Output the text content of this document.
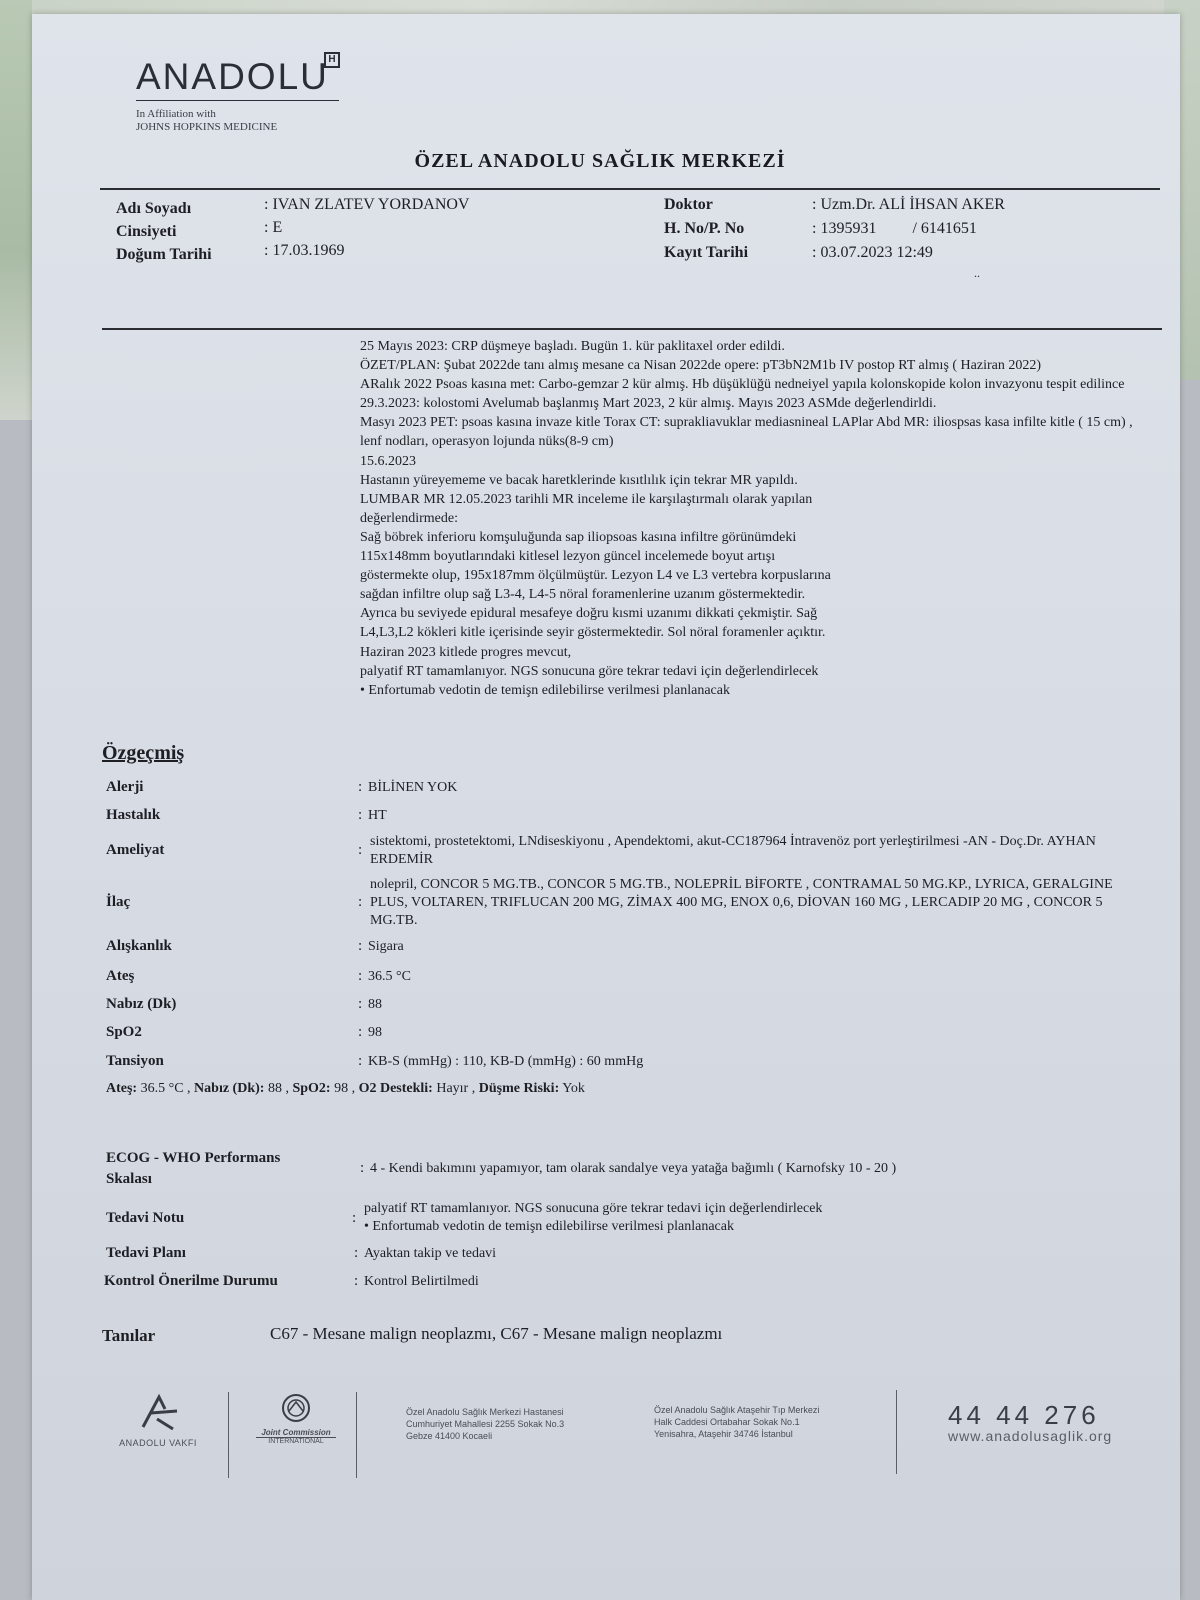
ANADOLU H
In Affiliation with
JOHNS HOPKINS MEDICINE
ÖZEL ANADOLU SAĞLIK MERKEZİ
Adı Soyadı	: IVAN ZLATEV YORDANOV
Cinsiyeti	: E
Doğum Tarihi	: 17.03.1969
Doktor	: Uzm.Dr. ALİ İHSAN AKER
H. No/P. No	: 1395931         / 6141651
Kayıt Tarihi	: 03.07.2023 12:49
..
25 Mayıs 2023: CRP düşmeye başladı. Bugün 1. kür paklitaxel order edildi.
ÖZET/PLAN: Şubat 2022de tanı almış mesane ca Nisan 2022de opere: pT3bN2M1b IV postop RT almış ( Haziran 2022)
ARalık 2022 Psoas kasına met: Carbo-gemzar 2 kür almış. Hb düşüklüğü nedneiyel yapıla kolonskopide kolon invazyonu tespit edilince 29.3.2023: kolostomi Avelumab başlanmış Mart 2023, 2 kür almış. Mayıs 2023 ASMde değerlendirldi.
Masyı 2023 PET: psoas kasına invaze kitle Torax CT: suprakliavuklar mediasnineal LAPlar Abd MR: iliospsas kasa infilte kitle ( 15 cm) , lenf nodları, operasyon lojunda nüks(8-9 cm)
15.6.2023
Hastanın yüreyememe ve bacak haretklerinde kısıtlılık için tekrar MR yapıldı.
LUMBAR MR 12.05.2023 tarihli MR inceleme ile karşılaştırmalı olarak yapılan
değerlendirmede:
Sağ böbrek inferioru komşuluğunda sap iliopsoas kasına infiltre görünümdeki
115x148mm boyutlarındaki kitlesel lezyon güncel incelemede boyut artışı
göstermekte olup, 195x187mm ölçülmüştür. Lezyon L4 ve L3 vertebra korpuslarına
sağdan infiltre olup sağ L3-4, L4-5 nöral foramenlerine uzanım göstermektedir.
Ayrıca bu seviyede epidural mesafeye doğru kısmi uzanımı dikkati çekmiştir. Sağ
L4,L3,L2 kökleri kitle içerisinde seyir göstermektedir. Sol nöral foramenler açıktır.
Haziran 2023 kitlede progres mevcut,
palyatif RT tamamlanıyor. NGS sonucuna göre tekrar tedavi için değerlendirlecek
• Enfortumab vedotin de temişn edilebilirse verilmesi planlanacak
Özgeçmiş
Alerji	: BİLİNEN YOK
Hastalık	: HT
Ameliyat	:
sistektomi, prostetektomi, LNdiseskiyonu , Apendektomi, akut-CC187964 İntravenöz port yerleştirilmesi -AN - Doç.Dr. AYHAN ERDEMİR
İlaç	:
nolepril, CONCOR 5 MG.TB., CONCOR 5 MG.TB., NOLEPRİL BİFORTE , CONTRAMAL 50 MG.KP., LYRICA, GERALGINE PLUS, VOLTAREN, TRIFLUCAN 200 MG, ZİMAX 400 MG, ENOX 0,6, DİOVAN 160 MG , LERCADIP 20 MG , CONCOR 5 MG.TB.
Alışkanlık	: Sigara
Ateş	: 36.5 °C
Nabız (Dk)	: 88
SpO2	: 98
Tansiyon	: KB-S (mmHg) : 110, KB-D (mmHg) : 60 mmHg
Ateş: 36.5 °C , Nabız (Dk): 88 , SpO2: 98 , O2 Destekli: Hayır , Düşme Riski: Yok
ECOG - WHO Performans
Skalası
: 4 - Kendi bakımını yapamıyor, tam olarak sandalye veya yatağa bağımlı ( Karnofsky 10 - 20 )
Tedavi Notu	:
palyatif RT tamamlanıyor. NGS sonucuna göre tekrar tedavi için değerlendirlecek
• Enfortumab vedotin de temişn edilebilirse verilmesi planlanacak
Tedavi Planı	: Ayaktan takip ve tedavi
Kontrol Önerilme Durumu	: Kontrol Belirtilmedi
Tanılar	C67 - Mesane malign neoplazmı, C67 - Mesane malign neoplazmı
ANADOLU VAKFI
Joint Commission
INTERNATIONAL
Özel Anadolu Sağlık Merkezi Hastanesi
Cumhuriyet Mahallesi 2255 Sokak No.3
Gebze 41400 Kocaeli
Özel Anadolu Sağlık Ataşehir Tıp Merkezi
Halk Caddesi Ortabahar Sokak No.1
Yenisahra, Ataşehir 34746 İstanbul
44 44 276
www.anadolusaglik.org
